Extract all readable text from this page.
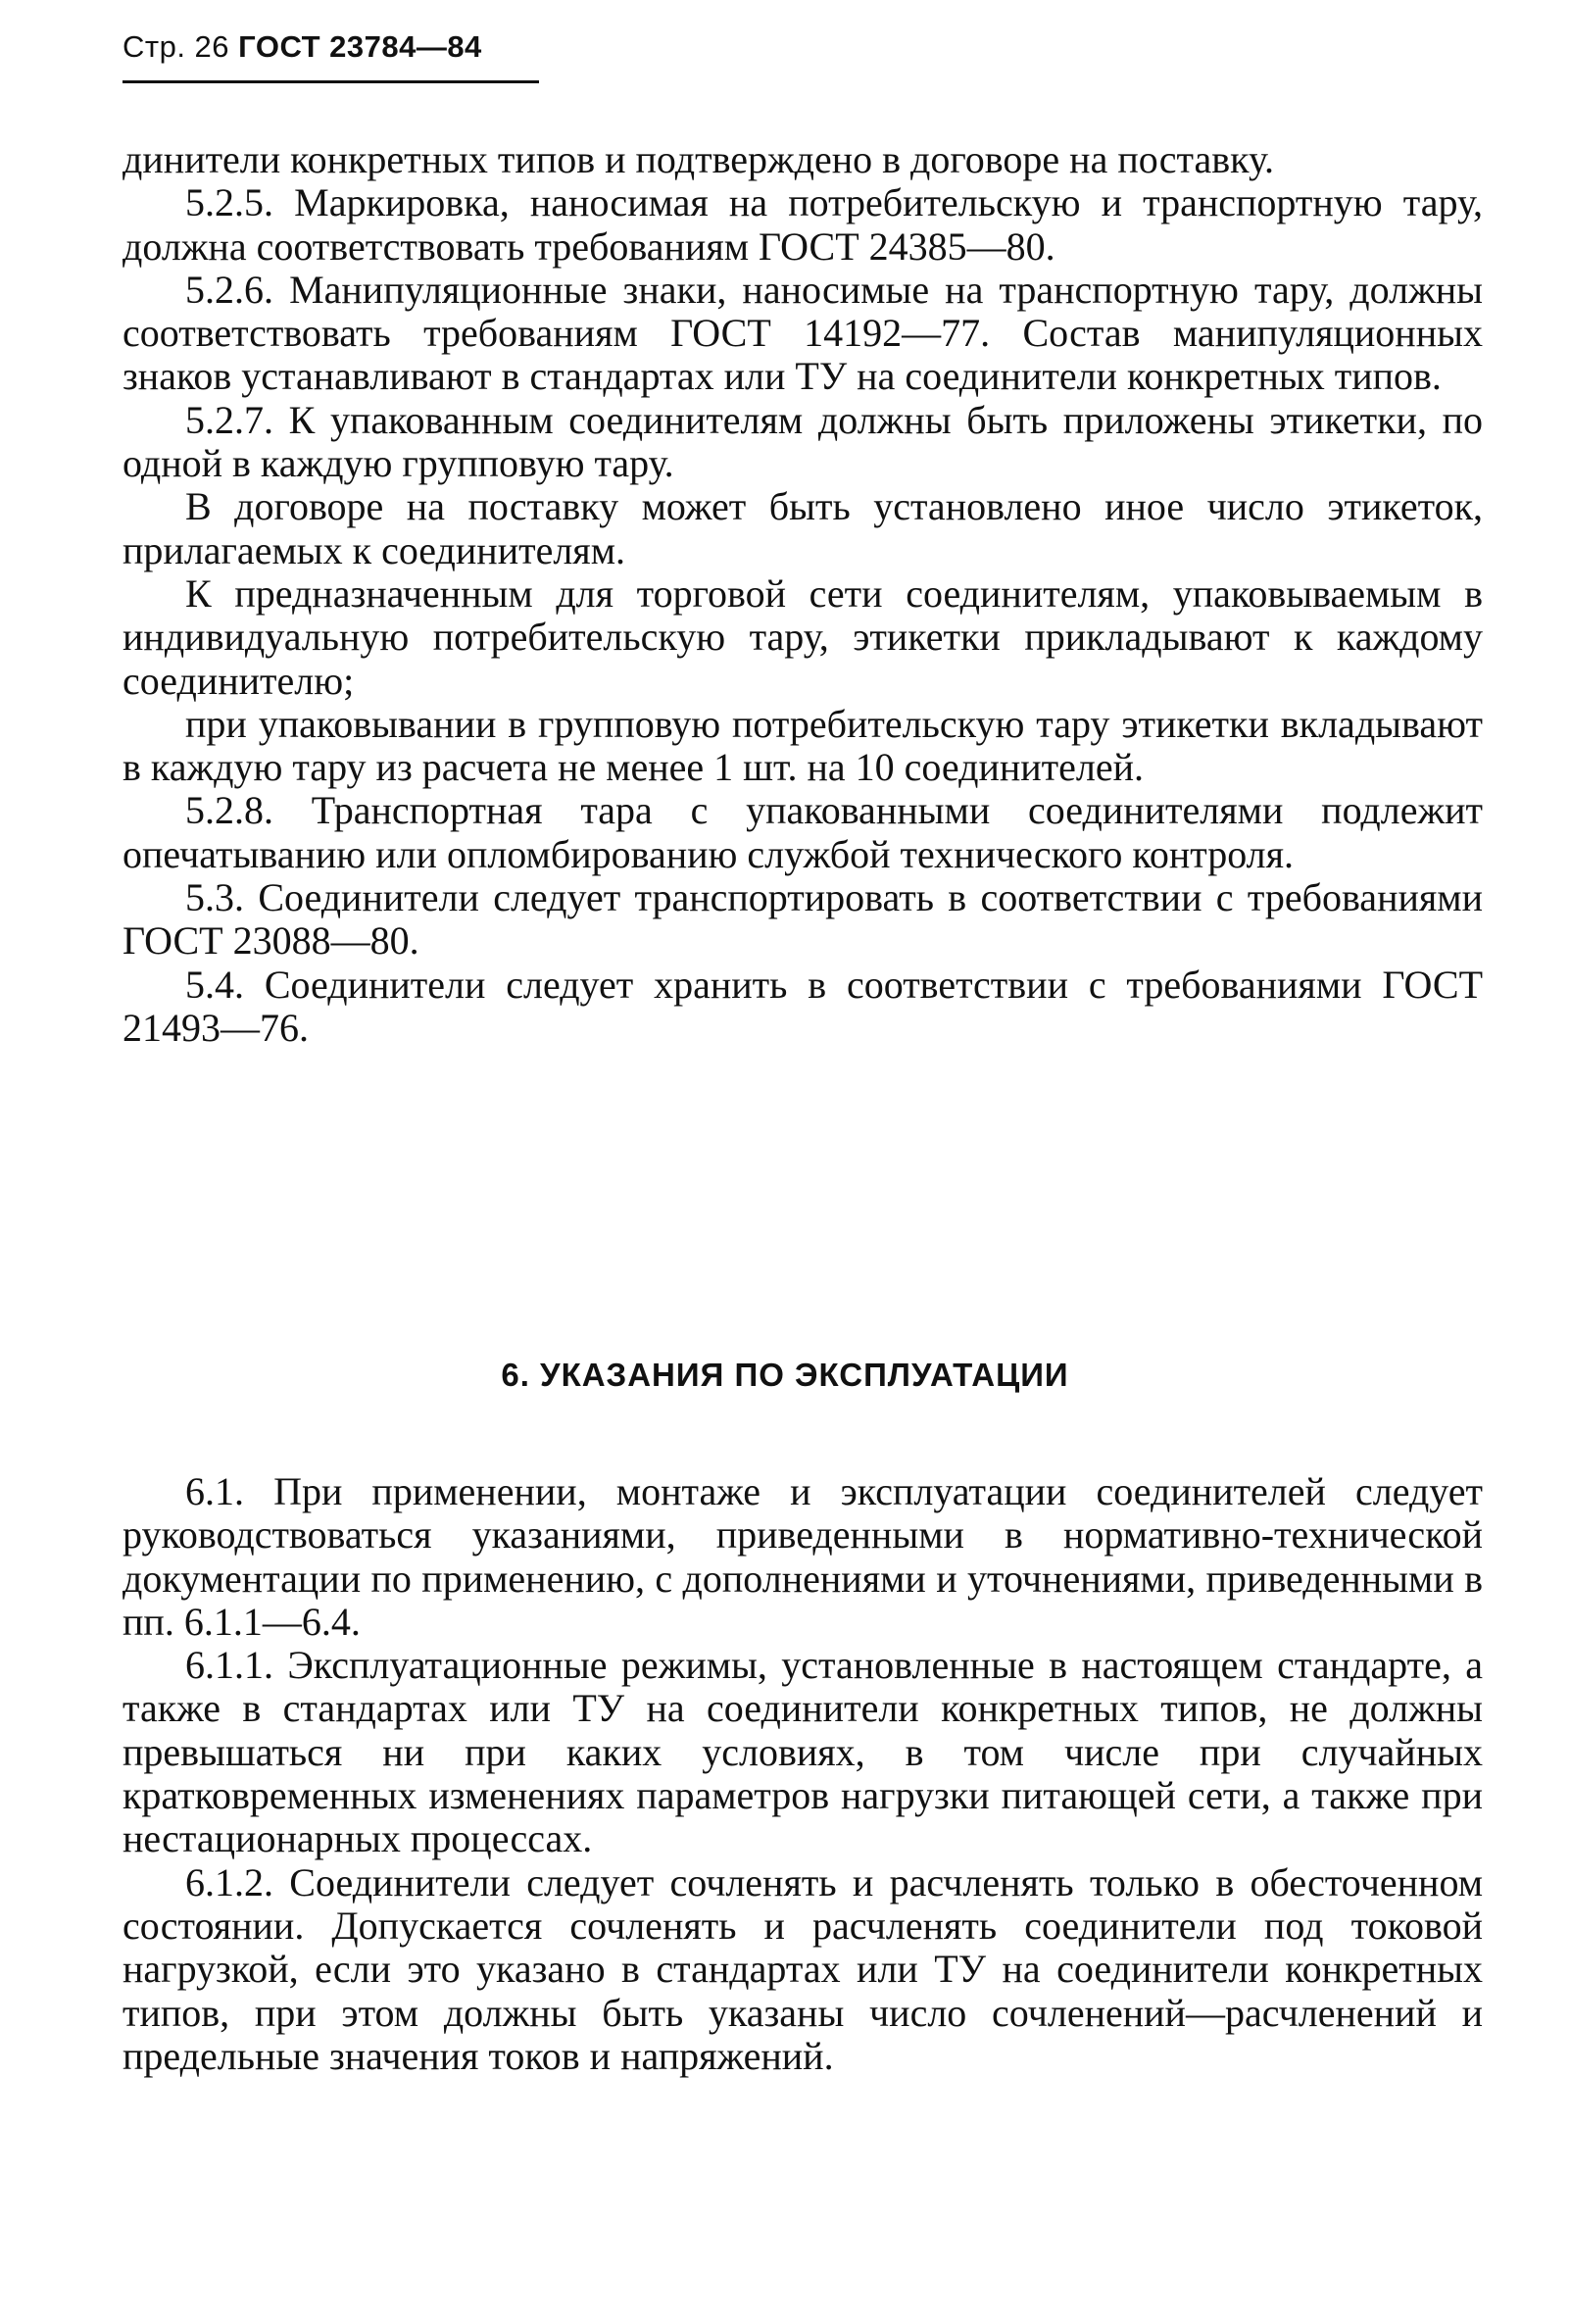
Стр. 26 ГОСТ 23784—84

динители конкретных типов и подтверждено в договоре на поставку.

5.2.5. Маркировка, наносимая на потребительскую и транспортную тару, должна соответствовать требованиям ГОСТ 24385—80.

5.2.6. Манипуляционные знаки, наносимые на транспортную тару, должны соответствовать требованиям ГОСТ 14192—77. Состав манипуляционных знаков устанавливают в стандартах или ТУ на соединители конкретных типов.

5.2.7. К упакованным соединителям должны быть приложены этикетки, по одной в каждую групповую тару.

В договоре на поставку может быть установлено иное число этикеток, прилагаемых к соединителям.

К предназначенным для торговой сети соединителям, упаковываемым в индивидуальную потребительскую тару, этикетки прикладывают к каждому соединителю;

при упаковывании в групповую потребительскую тару этикетки вкладывают в каждую тару из расчета не менее 1 шт. на 10 соединителей.

5.2.8. Транспортная тара с упакованными соединителями подлежит опечатыванию или опломбированию службой технического контроля.

5.3. Соединители следует транспортировать в соответствии с требованиями ГОСТ 23088—80.

5.4. Соединители следует хранить в соответствии с требованиями ГОСТ 21493—76.

6. УКАЗАНИЯ ПО ЭКСПЛУАТАЦИИ

6.1. При применении, монтаже и эксплуатации соединителей следует руководствоваться указаниями, приведенными в нормативно-технической документации по применению, с дополнениями и уточнениями, приведенными в пп. 6.1.1—6.4.

6.1.1. Эксплуатационные режимы, установленные в настоящем стандарте, а также в стандартах или ТУ на соединители конкретных типов, не должны превышаться ни при каких условиях, в том числе при случайных кратковременных изменениях параметров нагрузки питающей сети, а также при нестационарных процессах.

6.1.2. Соединители следует сочленять и расчленять только в обесточенном состоянии. Допускается сочленять и расчленять соединители под токовой нагрузкой, если это указано в стандартах или ТУ на соединители конкретных типов, при этом должны быть указаны число сочленений—расчленений и предельные значения токов и напряжений.
